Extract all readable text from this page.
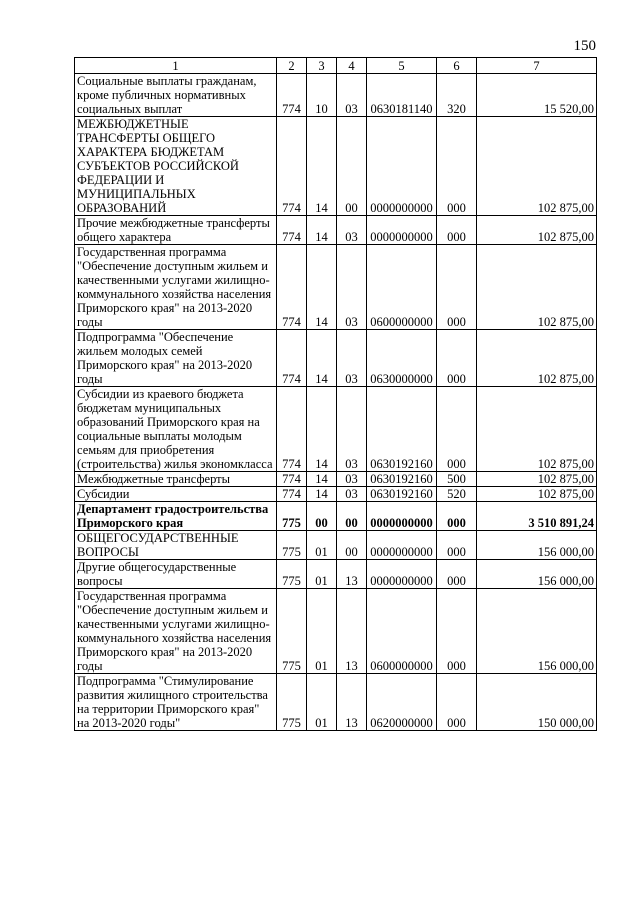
150
1	2	3	4	5	6	7
Социальные выплаты гражданам, кроме публичных нормативных социальных выплат	774	10	03	0630181140	320	15 520,00
МЕЖБЮДЖЕТНЫЕ ТРАНСФЕРТЫ ОБЩЕГО ХАРАКТЕРА БЮДЖЕТАМ СУБЪЕКТОВ РОССИЙСКОЙ ФЕДЕРАЦИИ И МУНИЦИПАЛЬНЫХ ОБРАЗОВАНИЙ	774	14	00	0000000000	000	102 875,00
Прочие межбюджетные трансферты общего характера	774	14	03	0000000000	000	102 875,00
Государственная программа "Обеспечение доступным жильем и качественными услугами жилищно-коммунального хозяйства населения Приморского края" на 2013-2020 годы	774	14	03	0600000000	000	102 875,00
Подпрограмма "Обеспечение жильем молодых семей Приморского края" на 2013-2020 годы	774	14	03	0630000000	000	102 875,00
Субсидии из краевого бюджета бюджетам муниципальных образований Приморского края на социальные выплаты молодым семьям для приобретения (строительства) жилья экономкласса	774	14	03	0630192160	000	102 875,00
Межбюджетные трансферты	774	14	03	0630192160	500	102 875,00
Субсидии	774	14	03	0630192160	520	102 875,00
Департамент градостроительства Приморского края	775	00	00	0000000000	000	3 510 891,24
ОБЩЕГОСУДАРСТВЕННЫЕ ВОПРОСЫ	775	01	00	0000000000	000	156 000,00
Другие общегосударственные вопросы	775	01	13	0000000000	000	156 000,00
Государственная программа "Обеспечение доступным жильем и качественными услугами жилищно-коммунального хозяйства населения Приморского края" на 2013-2020 годы	775	01	13	0600000000	000	156 000,00
Подпрограмма "Стимулирование развития жилищного строительства на территории Приморского края" на 2013-2020 годы"	775	01	13	0620000000	000	150 000,00
